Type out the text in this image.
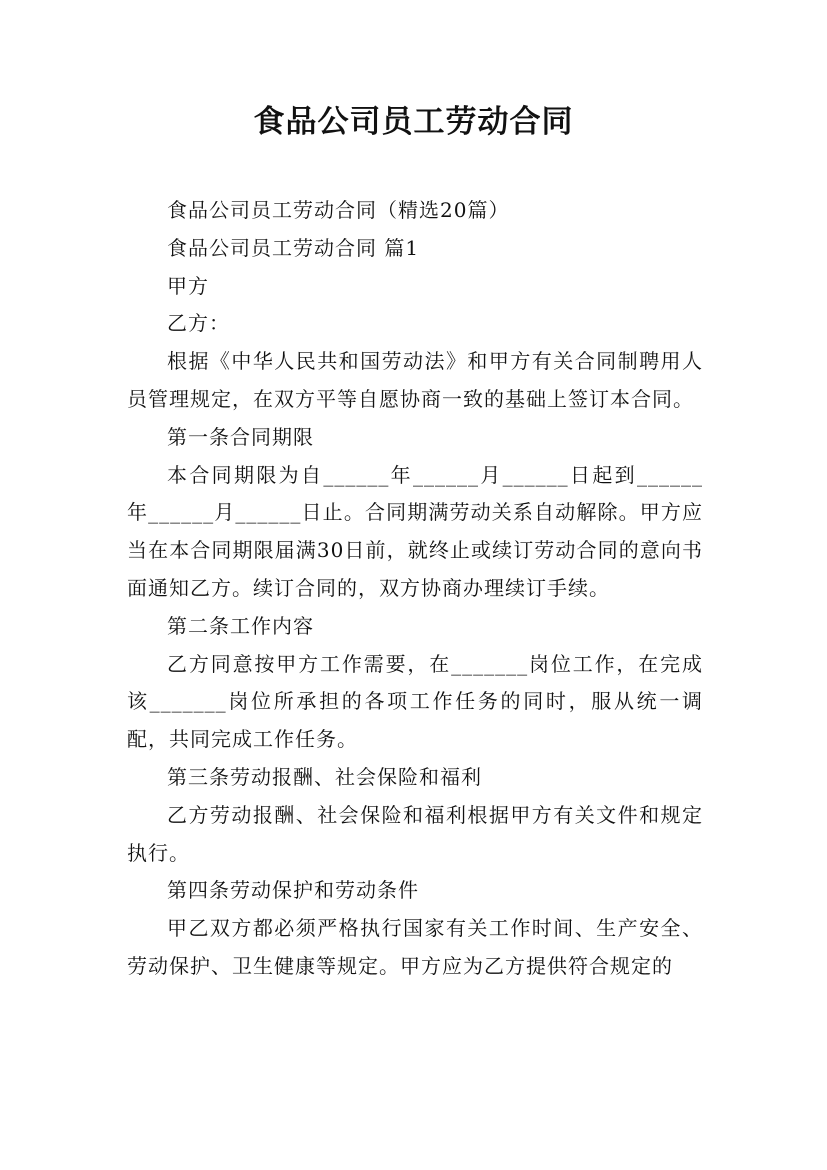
食品公司员工劳动合同

食品公司员工劳动合同（精选20篇）

食品公司员工劳动合同 篇1

甲方

乙方：

根据《中华人民共和国劳动法》和甲方有关合同制聘用人员管理规定，在双方平等自愿协商一致的基础上签订本合同。

第一条合同期限

本合同期限为自______年______月______日起到______年______月______日止。合同期满劳动关系自动解除。甲方应当在本合同期限届满30日前，就终止或续订劳动合同的意向书面通知乙方。续订合同的，双方协商办理续订手续。

第二条工作内容

乙方同意按甲方工作需要，在_______岗位工作，在完成该_______岗位所承担的各项工作任务的同时，服从统一调配，共同完成工作任务。

第三条劳动报酬、社会保险和福利

乙方劳动报酬、社会保险和福利根据甲方有关文件和规定执行。

第四条劳动保护和劳动条件

甲乙双方都必须严格执行国家有关工作时间、生产安全、劳动保护、卫生健康等规定。甲方应为乙方提供符合规定的
